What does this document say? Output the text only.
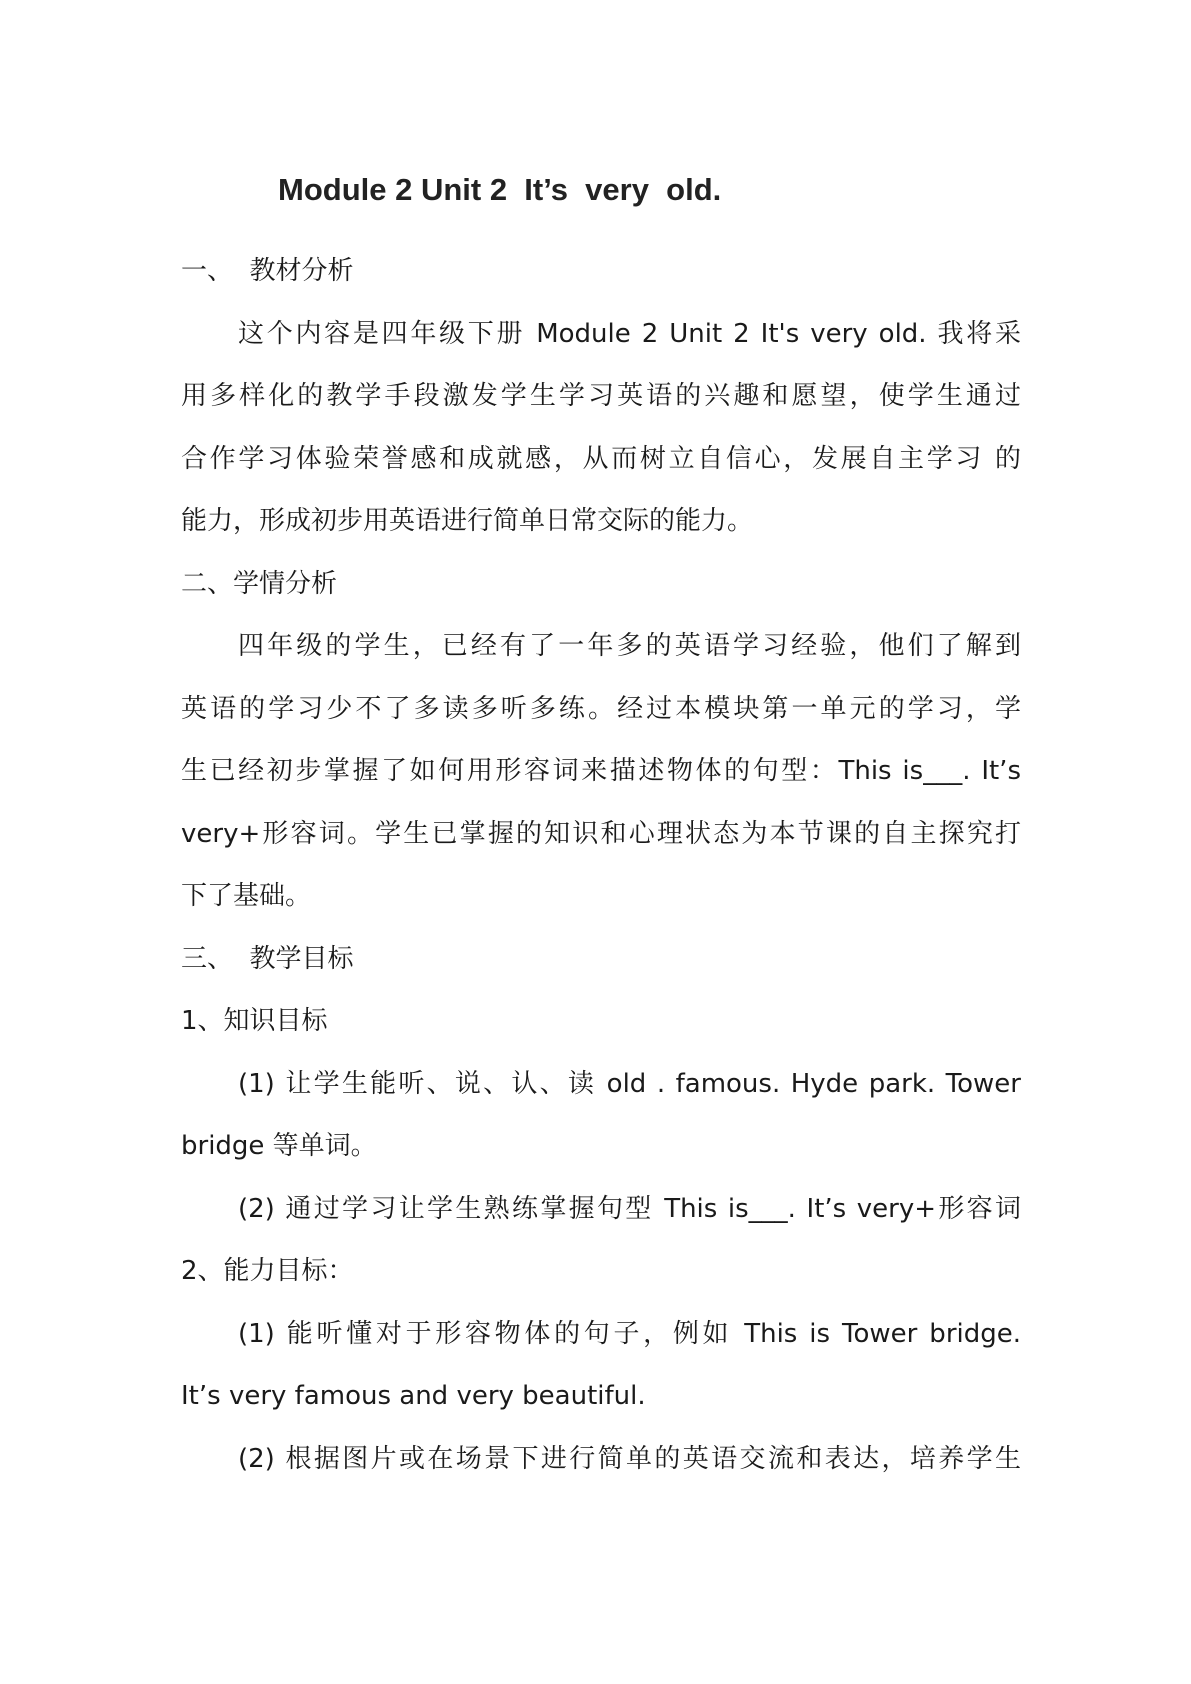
Module 2 Unit 2  It’s  very  old.
一、  教材分析
这个内容是四年级下册 Module 2 Unit 2 It's very old. 我将采
用多样化的教学手段激发学生学习英语的兴趣和愿望，使学生通过
合作学习体验荣誉感和成就感，从而树立自信心，发展自主学习 的
能力，形成初步用英语进行简单日常交际的能力。
二、学情分析
四年级的学生，已经有了一年多的英语学习经验，他们了解到
英语的学习少不了多读多听多练。经过本模块第一单元的学习，学
生已经初步掌握了如何用形容词来描述物体的句型：This is___. It’s
very+形容词。学生已掌握的知识和心理状态为本节课的自主探究打
下了基础。
三、  教学目标
1、知识目标
(1) 让学生能听、说、认、读 old . famous. Hyde park. Tower
bridge 等单词。
(2) 通过学习让学生熟练掌握句型 This is___. It’s very+形容词
2、能力目标：
(1) 能听懂对于形容物体的句子，例如 This is Tower bridge.
It’s very famous and very beautiful.
(2) 根据图片或在场景下进行简单的英语交流和表达，培养学生
